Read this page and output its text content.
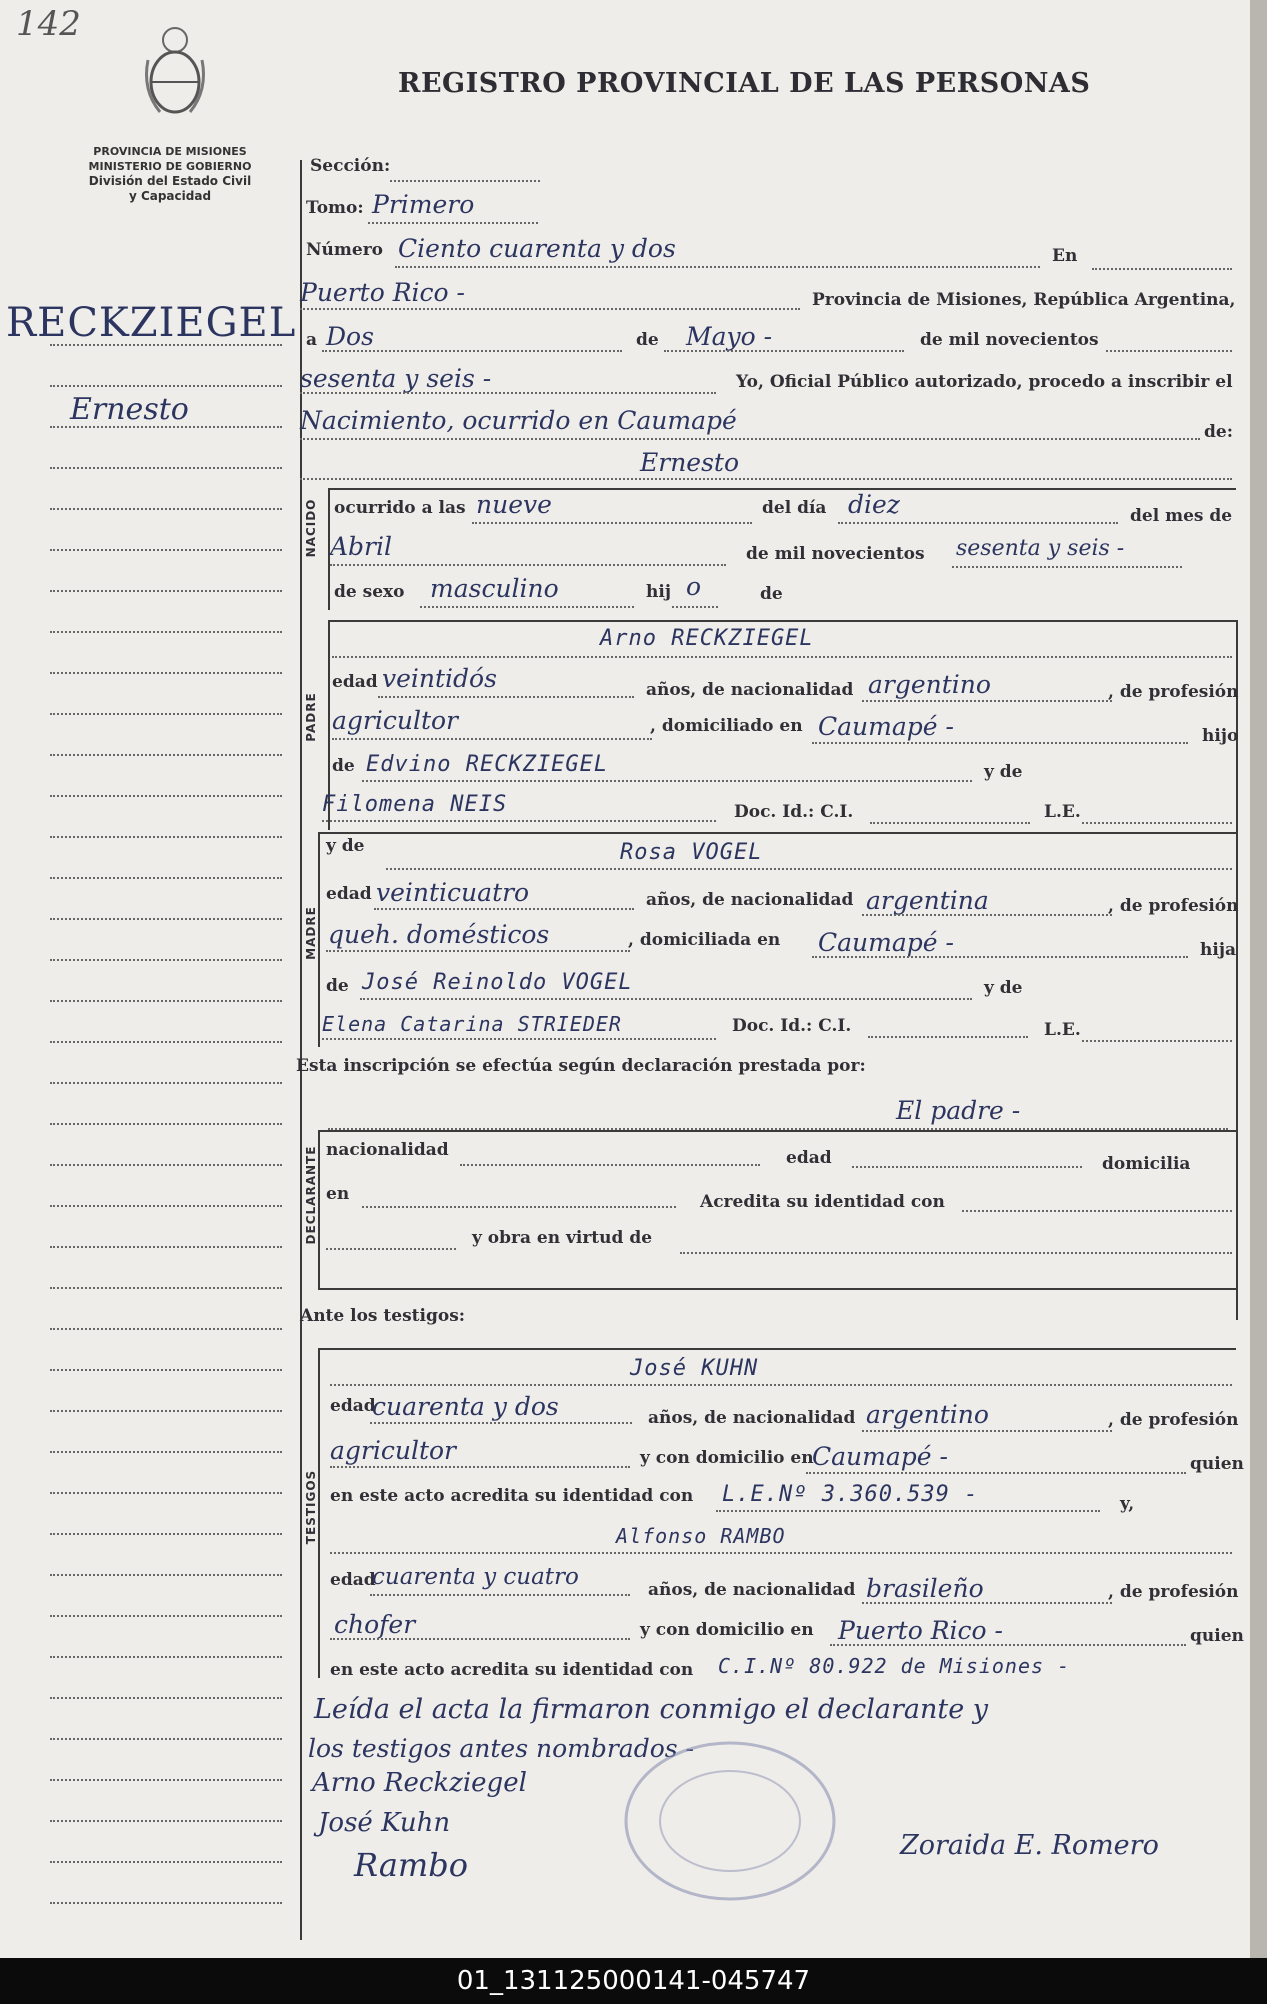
142
REGISTRO PROVINCIAL DE LAS PERSONAS
PROVINCIA DE MISIONES
MINISTERIO DE GOBIERNO
División del Estado Civil
y Capacidad
RECKZIEGEL
Ernesto
NACIDO
PADRE
MADRE
DECLARANTE
TESTIGOS
Sección:
Tomo: Primero
Número Ciento cuarenta y dos	En
Puerto Rico -	Provincia de Misiones, República Argentina,
a Dos	de Mayo -	de mil novecientos
sesenta y seis -	Yo, Oficial Público autorizado, procedo a inscribir el
Nacimiento, ocurrido en Caumapé	de:
Ernesto
ocurrido a las nueve	del día diez	del mes de
Abril	de mil novecientos sesenta y seis -
de sexo masculino	hij o	de
Arno RECKZIEGEL
edad veintidós	años, de nacionalidad argentino	, de profesión
agricultor	, domiciliado en Caumapé -	hijo
de Edvino RECKZIEGEL	y de
Filomena NEIS	Doc. Id.: C.I.	L.E.
y de	Rosa VOGEL
edad veinticuatro	años, de nacionalidad argentina	, de profesión
queh. domésticos	, domiciliada en Caumapé -	hija
de José Reinoldo VOGEL	y de
Elena Catarina STRIEDER	Doc. Id.: C.I.	L.E.
Esta inscripción se efectúa según declaración prestada por:
El padre -
nacionalidad	edad	domicilia
en	Acredita su identidad con
y obra en virtud de
Ante los testigos:
José KUHN
edad
cuarenta y dos	años, de nacionalidad argentino	, de profesión
agricultor	y con domicilio en
Caumapé -	quien
en este acto acredita su identidad con L.E.Nº 3.360.539 -	y,
Alfonso RAMBO
edad
cuarenta y cuatro	años, de nacionalidad brasileño	, de profesión
chofer	y con domicilio en Puerto Rico -	quien
en este acto acredita su identidad con C.I.Nº 80.922 de Misiones -
Leída el acta la firmaron conmigo el declarante y
los testigos antes nombrados -
Arno Reckziegel
José Kuhn
Rambo
Zoraida E. Romero
01_131125000141-045747
